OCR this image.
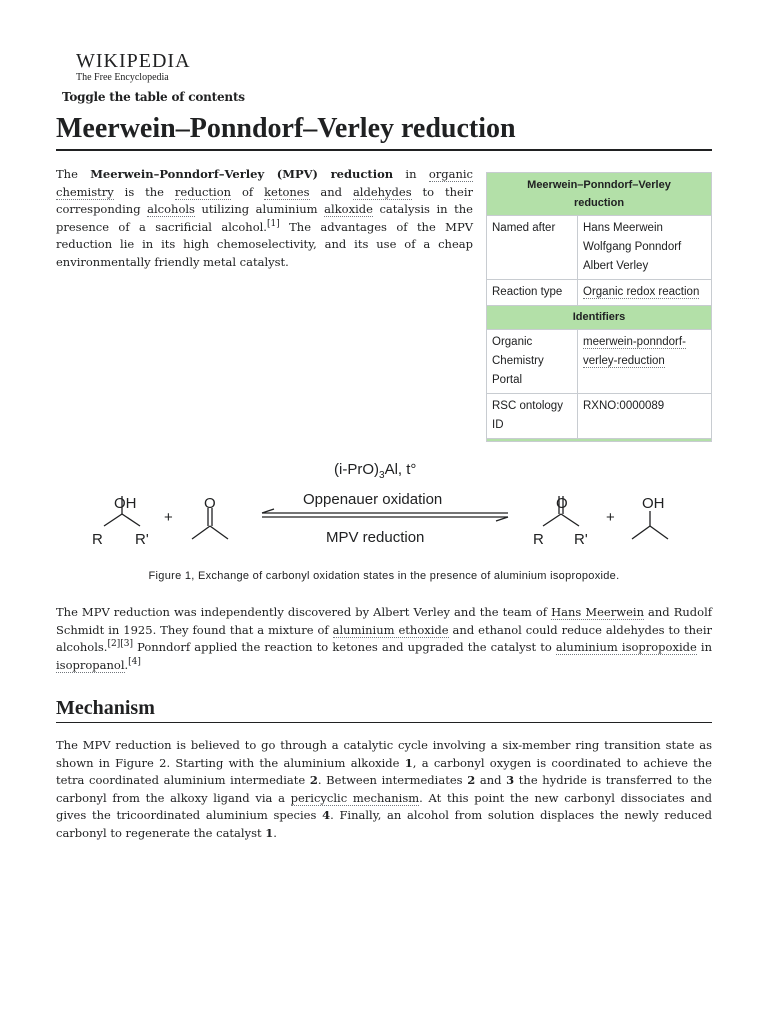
WIKIPEDIA
The Free Encyclopedia
Toggle the table of contents
Meerwein–Ponndorf–Verley reduction

The Meerwein–Ponndorf–Verley (MPV) reduction in organic chemistry is the reduction of ketones and aldehydes to their corresponding alcohols utilizing aluminium alkoxide catalysis in the presence of a sacrificial alcohol.[1] The advantages of the MPV reduction lie in its high chemoselectivity, and its use of a cheap environmentally friendly metal catalyst.

Meerwein–Ponndorf–Verley reduction	
Named after	Hans Meerwein
Wolfgang Ponndorf
Albert Verley

Reaction type	Organic redox reaction
Identifiers	
Organic Chemistry Portal	meerwein-ponndorf-verley-reduction
RSC ontology ID	RXNO:0000089

OH
R R'
+
O
$(i-PrO)_3Al$, t°
Oppenauer oxidation
MPV reduction
O
R R'
+
OH
Figure 1, Exchange of carbonyl oxidation states in the presence of aluminium isopropoxide.

The MPV reduction was independently discovered by Albert Verley and the team of Hans Meerwein and Rudolf Schmidt in 1925. They found that a mixture of aluminium ethoxide and ethanol could reduce aldehydes to their alcohols.[2][3] Ponndorf applied the reaction to ketones and upgraded the catalyst to aluminium isopropoxide in isopropanol.[4]

Mechanism

The MPV reduction is believed to go through a catalytic cycle involving a six-member ring transition state as shown in Figure 2. Starting with the aluminium alkoxide 1, a carbonyl oxygen is coordinated to achieve the tetra coordinated aluminium intermediate 2. Between intermediates 2 and 3 the hydride is transferred to the carbonyl from the alkoxy ligand via a pericyclic mechanism. At this point the new carbonyl dissociates and gives the tricoordinated aluminium species 4. Finally, an alcohol from solution displaces the newly reduced carbonyl to regenerate the catalyst 1.
